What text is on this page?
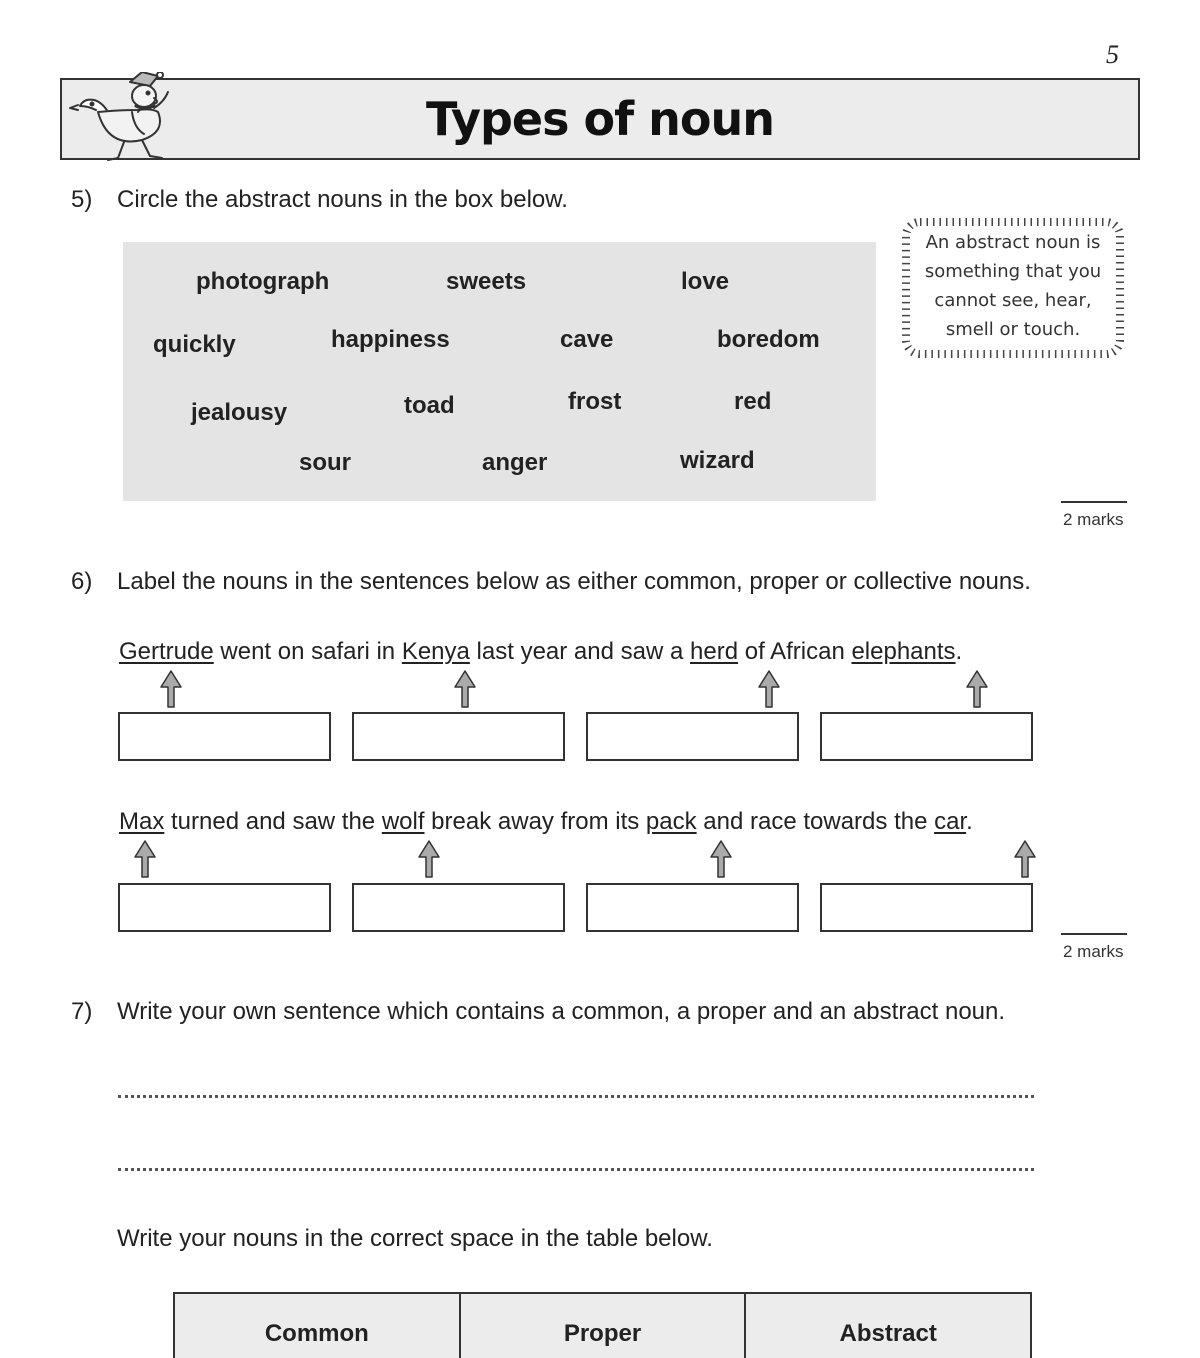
5
Types of noun
5) Circle the abstract nouns in the box below.
photograph	sweets	love
quickly	happiness	cave	boredom
jealousy	toad	frost	red
sour	anger	wizard
An abstract noun is something that you cannot see, hear, smell or touch.
2 marks
6) Label the nouns in the sentences below as either common, proper or collective nouns.
Gertrude went on safari in Kenya last year and saw a herd of African elephants.
Max turned and saw the wolf break away from its pack and race towards the car.
2 marks
7) Write your own sentence which contains a common, a proper and an abstract noun.
Write your nouns in the correct space in the table below.
Common	Proper	Abstract
